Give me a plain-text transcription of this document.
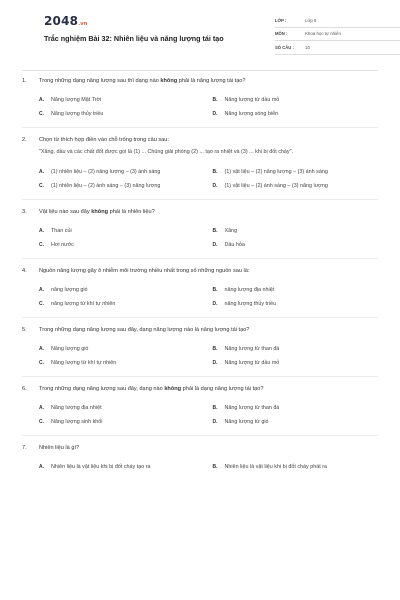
2048.vn
Trắc nghiệm Bài 32: Nhiên liệu và năng lượng tái tạo
LỚP :	Lớp 6
MÔN :	Khoa học tự nhiên
SỐ CÂU :	10
1.	Trong những dạng năng lượng sau thì dạng nào không phải là năng lượng tái tạo?
A.	Năng lượng Mặt Trời	B.	Năng lượng từ dầu mỏ
C.	Năng lượng thủy triều	D.	Năng lượng sóng biển
2.	Chọn từ thích hợp điền vào chỗ trống trong câu sau:
"Xăng, dầu và các chất đốt được gọi là (1) ... Chúng giải phóng (2) ... tạo ra nhiệt và (3) ... khi bị đốt cháy".
A.	(1) nhiên liệu – (2) năng lượng – (3) ánh sáng	B.	(1) vật liệu – (2) năng lượng – (3) ánh sáng
C.	(1) nhiên liệu – (2) ánh sáng – (3) năng lượng	D.	(1) vật liệu – (2) ánh sáng – (3) năng lượng
3.	Vật liệu nào sau đây không phải là nhiên liệu?
A.	Than củi	B.	Xăng
C.	Hơi nước	D.	Dầu hỏa
4.	Nguồn năng lượng gây ô nhiễm môi trường nhiều nhất trong số những nguồn sau là:
A.	năng lượng gió	B.	năng lượng địa nhiệt
C.	năng lượng từ khí tự nhiên	D.	năng lượng thủy triều
5.	Trong những dạng năng lượng sau đây, dạng năng lượng nào là năng lượng tái tạo?
A.	Năng lượng gió	B.	Năng lượng từ than đá
C.	Năng lượng từ khí tự nhiên	D.	Năng lượng từ dầu mỏ
6.	Trong những dạng năng lượng sau đây, dạng nào không phải là dạng năng lượng tái tạo?
A.	Năng lượng địa nhiệt	B.	Năng lượng từ than đá
C.	Năng lượng sinh khối	D.	Năng lượng từ gió
7.	Nhiên liệu là gì?
A.	Nhiên liệu là vật liệu khi bị đốt cháy tạo ra	B.	Nhiên liệu là vật liệu khi bị đốt cháy phát ra
